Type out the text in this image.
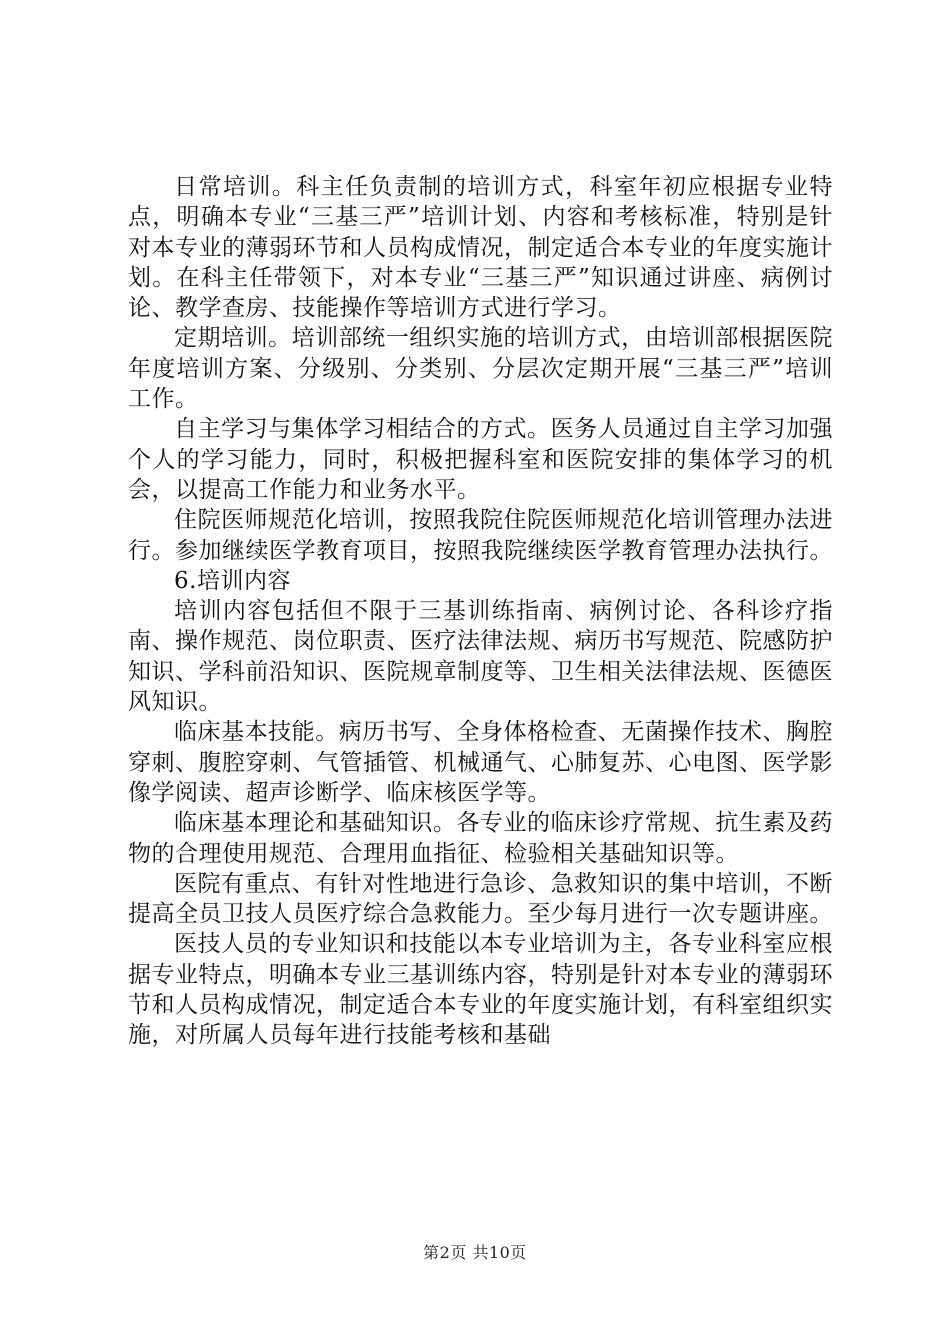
日常培训。科主任负责制的培训方式，科室年初应根据专业特点，明确本专业“三基三严”培训计划、内容和考核标准，特别是针对本专业的薄弱环节和人员构成情况，制定适合本专业的年度实施计划。在科主任带领下，对本专业“三基三严”知识通过讲座、病例讨论、教学查房、技能操作等培训方式进行学习。

定期培训。培训部统一组织实施的培训方式，由培训部根据医院年度培训方案、分级别、分类别、分层次定期开展“三基三严”培训工作。

自主学习与集体学习相结合的方式。医务人员通过自主学习加强个人的学习能力，同时，积极把握科室和医院安排的集体学习的机会，以提高工作能力和业务水平。

住院医师规范化培训，按照我院住院医师规范化培训管理办法进行。参加继续医学教育项目，按照我院继续医学教育管理办法执行。

6.培训内容

培训内容包括但不限于三基训练指南、病例讨论、各科诊疗指南、操作规范、岗位职责、医疗法律法规、病历书写规范、院感防护知识、学科前沿知识、医院规章制度等、卫生相关法律法规、医德医风知识。

临床基本技能。病历书写、全身体格检查、无菌操作技术、胸腔穿刺、腹腔穿刺、气管插管、机械通气、心肺复苏、心电图、医学影像学阅读、超声诊断学、临床核医学等。

临床基本理论和基础知识。各专业的临床诊疗常规、抗生素及药物的合理使用规范、合理用血指征、检验相关基础知识等。

医院有重点、有针对性地进行急诊、急救知识的集中培训，不断提高全员卫技人员医疗综合急救能力。至少每月进行一次专题讲座。

医技人员的专业知识和技能以本专业培训为主，各专业科室应根据专业特点，明确本专业三基训练内容，特别是针对本专业的薄弱环节和人员构成情况，制定适合本专业的年度实施计划，有科室组织实施，对所属人员每年进行技能考核和基础

第2页 共10页
